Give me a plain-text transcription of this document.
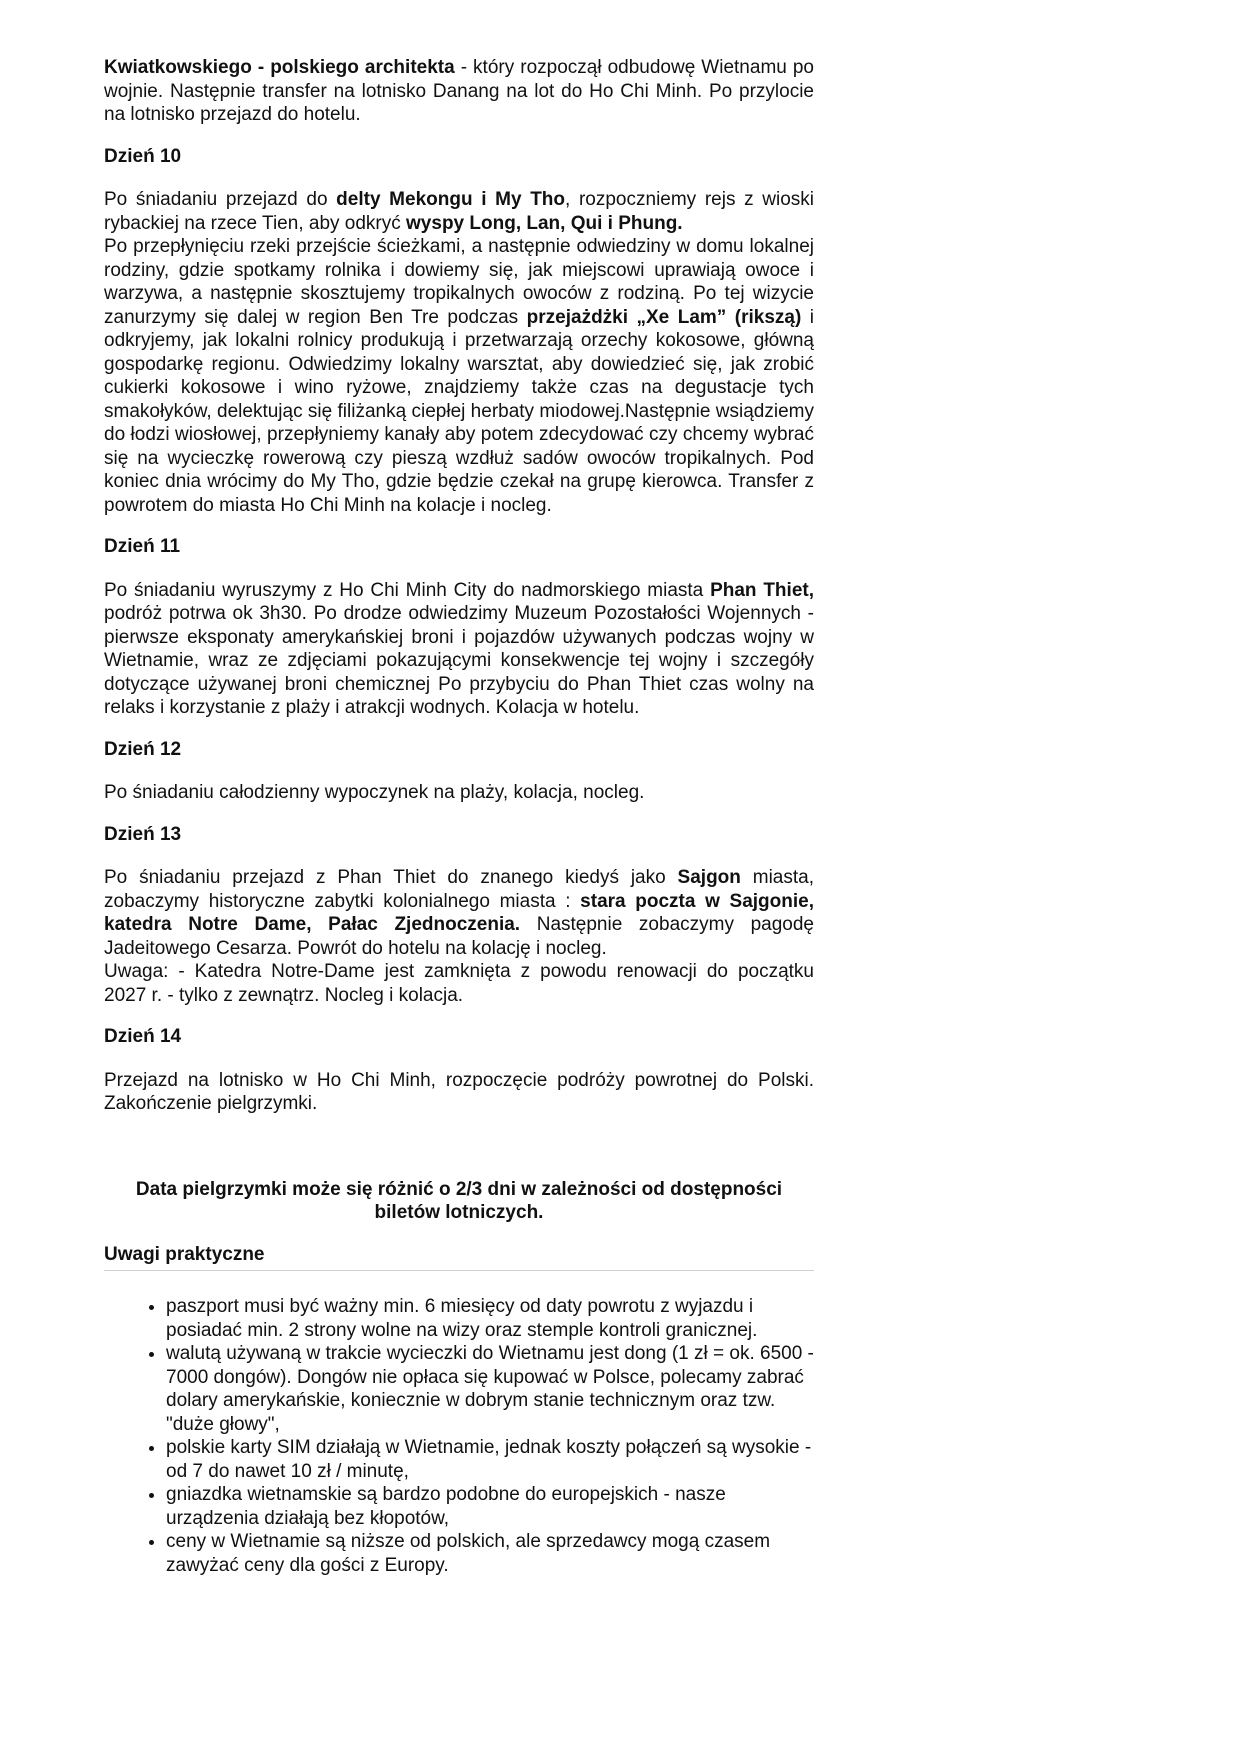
Kwiatkowskiego - polskiego architekta - który rozpoczął odbudowę Wietnamu po wojnie. Następnie transfer na lotnisko Danang na lot do Ho Chi Minh. Po przylocie na lotnisko przejazd do hotelu.

Dzień 10

Po śniadaniu przejazd do delty Mekongu i My Tho, rozpoczniemy rejs z wioski rybackiej na rzece Tien, aby odkryć wyspy Long, Lan, Qui i Phung.
Po przepłynięciu rzeki przejście ścieżkami, a następnie odwiedziny w domu lokalnej rodziny, gdzie spotkamy rolnika i dowiemy się, jak miejscowi uprawiają owoce i warzywa, a następnie skosztujemy tropikalnych owoców z rodziną. Po tej wizycie zanurzymy się dalej w region Ben Tre podczas przejażdżki „Xe Lam” (rikszą) i odkryjemy, jak lokalni rolnicy produkują i przetwarzają orzechy kokosowe, główną gospodarkę regionu. Odwiedzimy lokalny warsztat, aby dowiedzieć się, jak zrobić cukierki kokosowe i wino ryżowe, znajdziemy także czas na degustacje tych smakołyków, delektując się filiżanką ciepłej herbaty miodowej.Następnie wsiądziemy do łodzi wiosłowej, przepłyniemy kanały aby potem zdecydować czy chcemy wybrać się na wycieczkę rowerową czy pieszą wzdłuż sadów owoców tropikalnych. Pod koniec dnia wrócimy do My Tho, gdzie będzie czekał na grupę kierowca. Transfer z powrotem do miasta Ho Chi Minh na kolacje i nocleg.

Dzień 11

Po śniadaniu wyruszymy z Ho Chi Minh City do nadmorskiego miasta Phan Thiet, podróż potrwa ok 3h30. Po drodze odwiedzimy Muzeum Pozostałości Wojennych - pierwsze eksponaty amerykańskiej broni i pojazdów używanych podczas wojny w Wietnamie, wraz ze zdjęciami pokazującymi konsekwencje tej wojny i szczegóły dotyczące używanej broni chemicznej Po przybyciu do Phan Thiet czas wolny na relaks i korzystanie z plaży i atrakcji wodnych. Kolacja w hotelu.

Dzień 12

Po śniadaniu całodzienny wypoczynek na plaży, kolacja, nocleg.

Dzień 13

Po śniadaniu przejazd z Phan Thiet do znanego kiedyś jako Sajgon miasta, zobaczymy historyczne zabytki kolonialnego miasta : stara poczta w Sajgonie, katedra Notre Dame, Pałac Zjednoczenia. Następnie zobaczymy pagodę Jadeitowego Cesarza. Powrót do hotelu na kolację i nocleg.
Uwaga: - Katedra Notre-Dame jest zamknięta z powodu renowacji do początku 2027 r. - tylko z zewnątrz. Nocleg i kolacja.

Dzień 14

Przejazd na lotnisko w Ho Chi Minh, rozpoczęcie podróży powrotnej do Polski. Zakończenie pielgrzymki.

Data pielgrzymki może się różnić o 2/3 dni w zależności od dostępności
biletów lotniczych.

Uwagi praktyczne

• paszport musi być ważny min. 6 miesięcy od daty powrotu z wyjazdu i posiadać min. 2 strony wolne na wizy oraz stemple kontroli granicznej.
• walutą używaną w trakcie wycieczki do Wietnamu jest dong (1 zł = ok. 6500 - 7000 dongów). Dongów nie opłaca się kupować w Polsce, polecamy zabrać dolary amerykańskie, koniecznie w dobrym stanie technicznym oraz tzw. "duże głowy",
• polskie karty SIM działają w Wietnamie, jednak koszty połączeń są wysokie - od 7 do nawet 10 zł / minutę,
• gniazdka wietnamskie są bardzo podobne do europejskich - nasze urządzenia działają bez kłopotów,
• ceny w Wietnamie są niższe od polskich, ale sprzedawcy mogą czasem zawyżać ceny dla gości z Europy.
